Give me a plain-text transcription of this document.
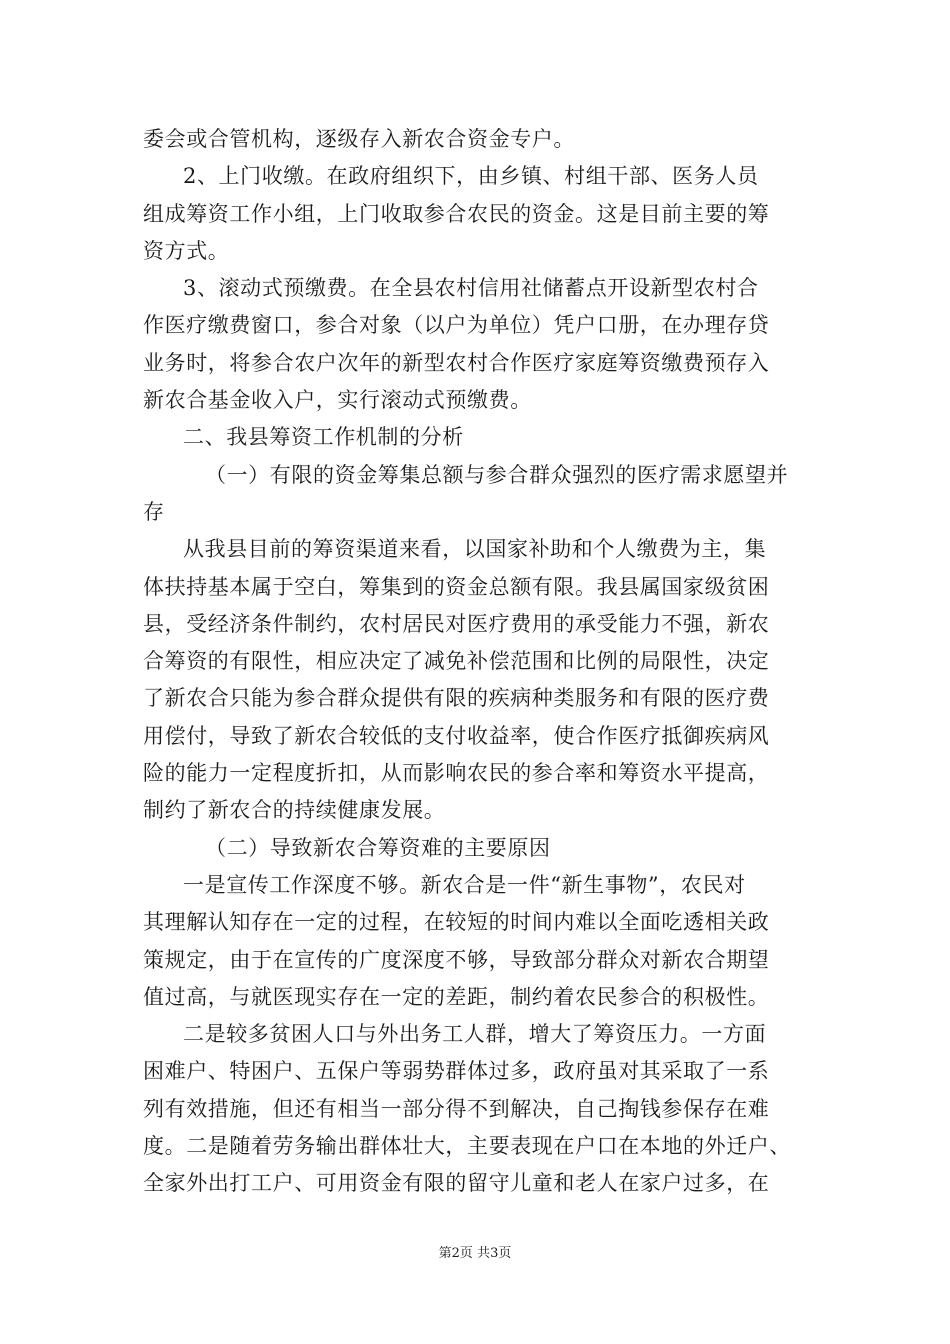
委会或合管机构，逐级存入新农合资金专户。
2、上门收缴。在政府组织下，由乡镇、村组干部、医务人员
组成筹资工作小组，上门收取参合农民的资金。这是目前主要的筹
资方式。
3、滚动式预缴费。在全县农村信用社储蓄点开设新型农村合
作医疗缴费窗口，参合对象（以户为单位）凭户口册，在办理存贷
业务时，将参合农户次年的新型农村合作医疗家庭筹资缴费预存入
新农合基金收入户，实行滚动式预缴费。
二、我县筹资工作机制的分析
（一）有限的资金筹集总额与参合群众强烈的医疗需求愿望并
存
从我县目前的筹资渠道来看，以国家补助和个人缴费为主，集
体扶持基本属于空白，筹集到的资金总额有限。我县属国家级贫困
县，受经济条件制约，农村居民对医疗费用的承受能力不强，新农
合筹资的有限性，相应决定了减免补偿范围和比例的局限性，决定
了新农合只能为参合群众提供有限的疾病种类服务和有限的医疗费
用偿付，导致了新农合较低的支付收益率，使合作医疗抵御疾病风
险的能力一定程度折扣，从而影响农民的参合率和筹资水平提高，
制约了新农合的持续健康发展。
（二）导致新农合筹资难的主要原因
一是宣传工作深度不够。新农合是一件“新生事物”，农民对
其理解认知存在一定的过程，在较短的时间内难以全面吃透相关政
策规定，由于在宣传的广度深度不够，导致部分群众对新农合期望
值过高，与就医现实存在一定的差距，制约着农民参合的积极性。
二是较多贫困人口与外出务工人群，增大了筹资压力。一方面
困难户、特困户、五保户等弱势群体过多，政府虽对其采取了一系
列有效措施，但还有相当一部分得不到解决，自己掏钱参保存在难
度。二是随着劳务输出群体壮大，主要表现在户口在本地的外迁户、
全家外出打工户、可用资金有限的留守儿童和老人在家户过多，在
第2页 共3页
